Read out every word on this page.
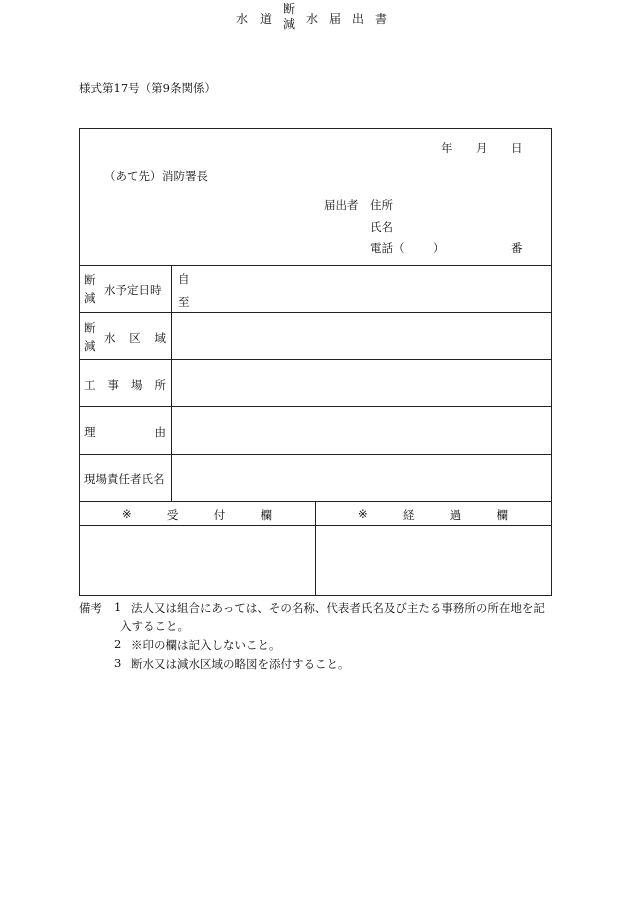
様式第17号（第9条関係）
水 道
断
減 水 届 出 書
年 月 日
（あて先） 消防署長
届出者 住所
氏名
電話（ ）	番
断
減
水予定日時
自
至
断
減
水 区 域
工 事 場 所
理	由
現場責任者氏名
※	受	付	欄	※	経	過	欄
備考 1 法人又は組合にあっては、その名称、代表者氏名及び主たる事務所の所在地を記
入すること。
2 ※印の欄は記入しないこと。
3 断水又は減水区域の略図を添付すること。
